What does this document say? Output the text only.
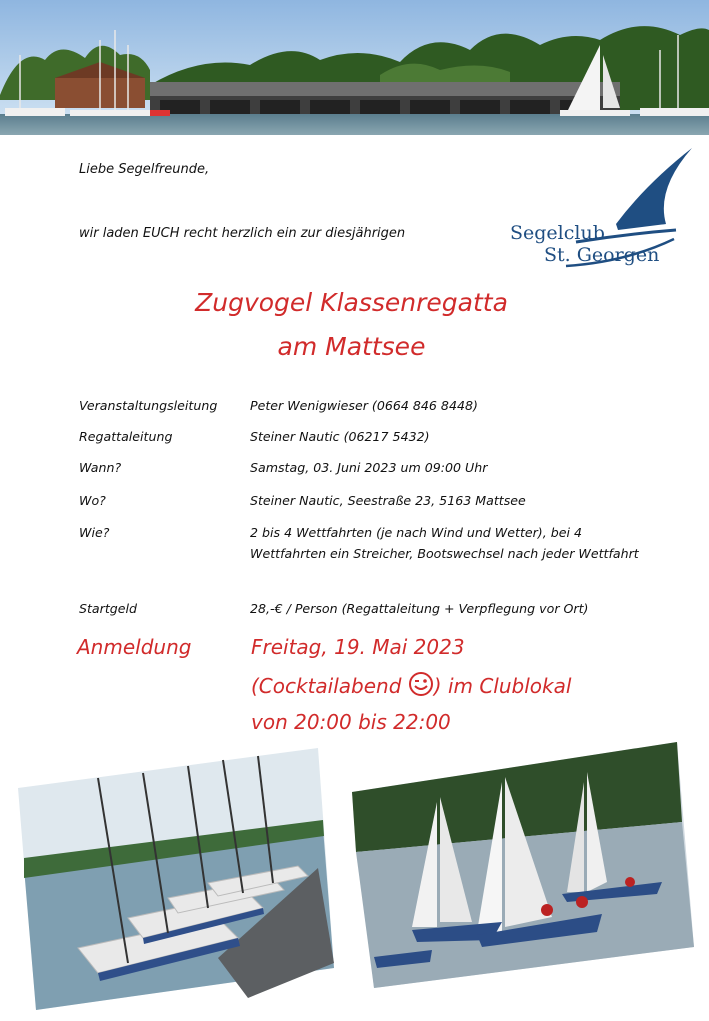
Liebe Segelfreunde,
wir laden EUCH recht herzlich ein zur diesjährigen	Segelclub
St. Georgen
Zugvogel Klassenregatta
am Mattsee
Veranstaltungsleitung	Peter Wenigwieser (0664 846 8448)
Regattaleitung	Steiner Nautic (06217 5432)
Wann?	Samstag, 03. Juni 2023 um 09:00 Uhr
Wo?	Steiner Nautic, Seestraße 23, 5163 Mattsee
Wie?	2 bis 4 Wettfahrten (je nach Wind und Wetter), bei 4 Wettfahrten ein Streicher, Bootswechsel nach jeder Wettfahrt
Startgeld	28,-€ / Person (Regattaleitung + Verpflegung vor Ort)
Anmeldung	Freitag, 19. Mai 2023
(Cocktailabend ) im Clublokal
von 20:00 bis 22:00
